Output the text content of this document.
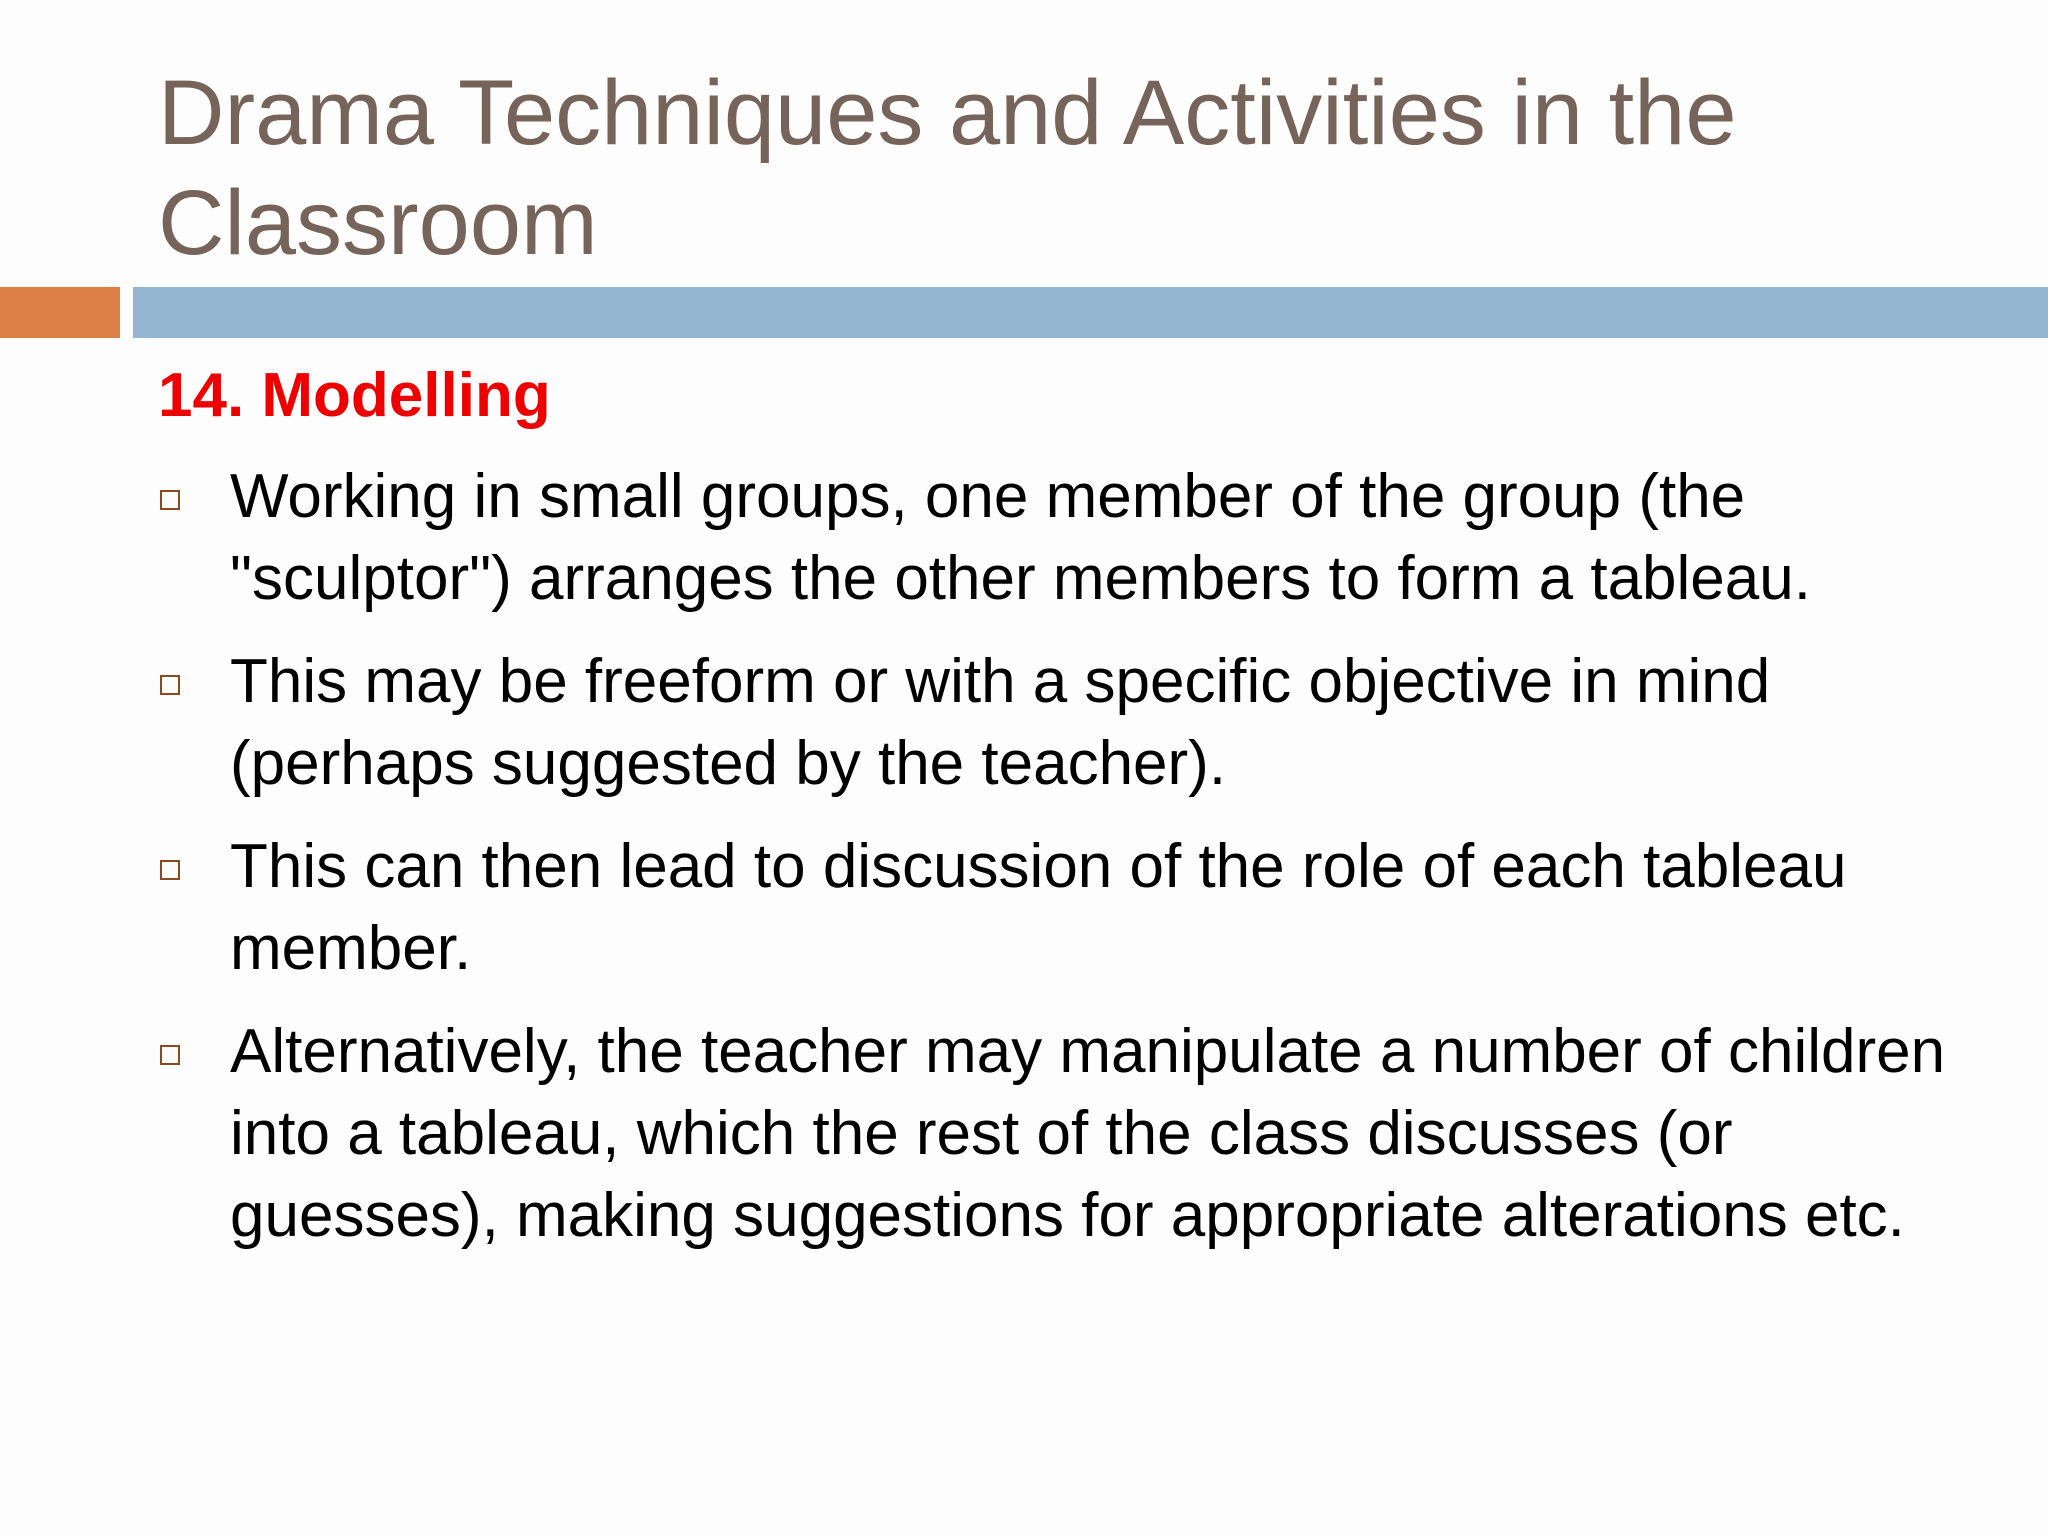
Drama Techniques and Activities in the Classroom
14. Modelling
Working in small groups, one member of the group (the "sculptor") arranges the other members to form a tableau.
This may be freeform or with a specific objective in mind (perhaps suggested by the teacher).
This can then lead to discussion of the role of each tableau member.
Alternatively, the teacher may manipulate a number of children into a tableau, which the rest of the class discusses (or guesses), making suggestions for appropriate alterations etc.
